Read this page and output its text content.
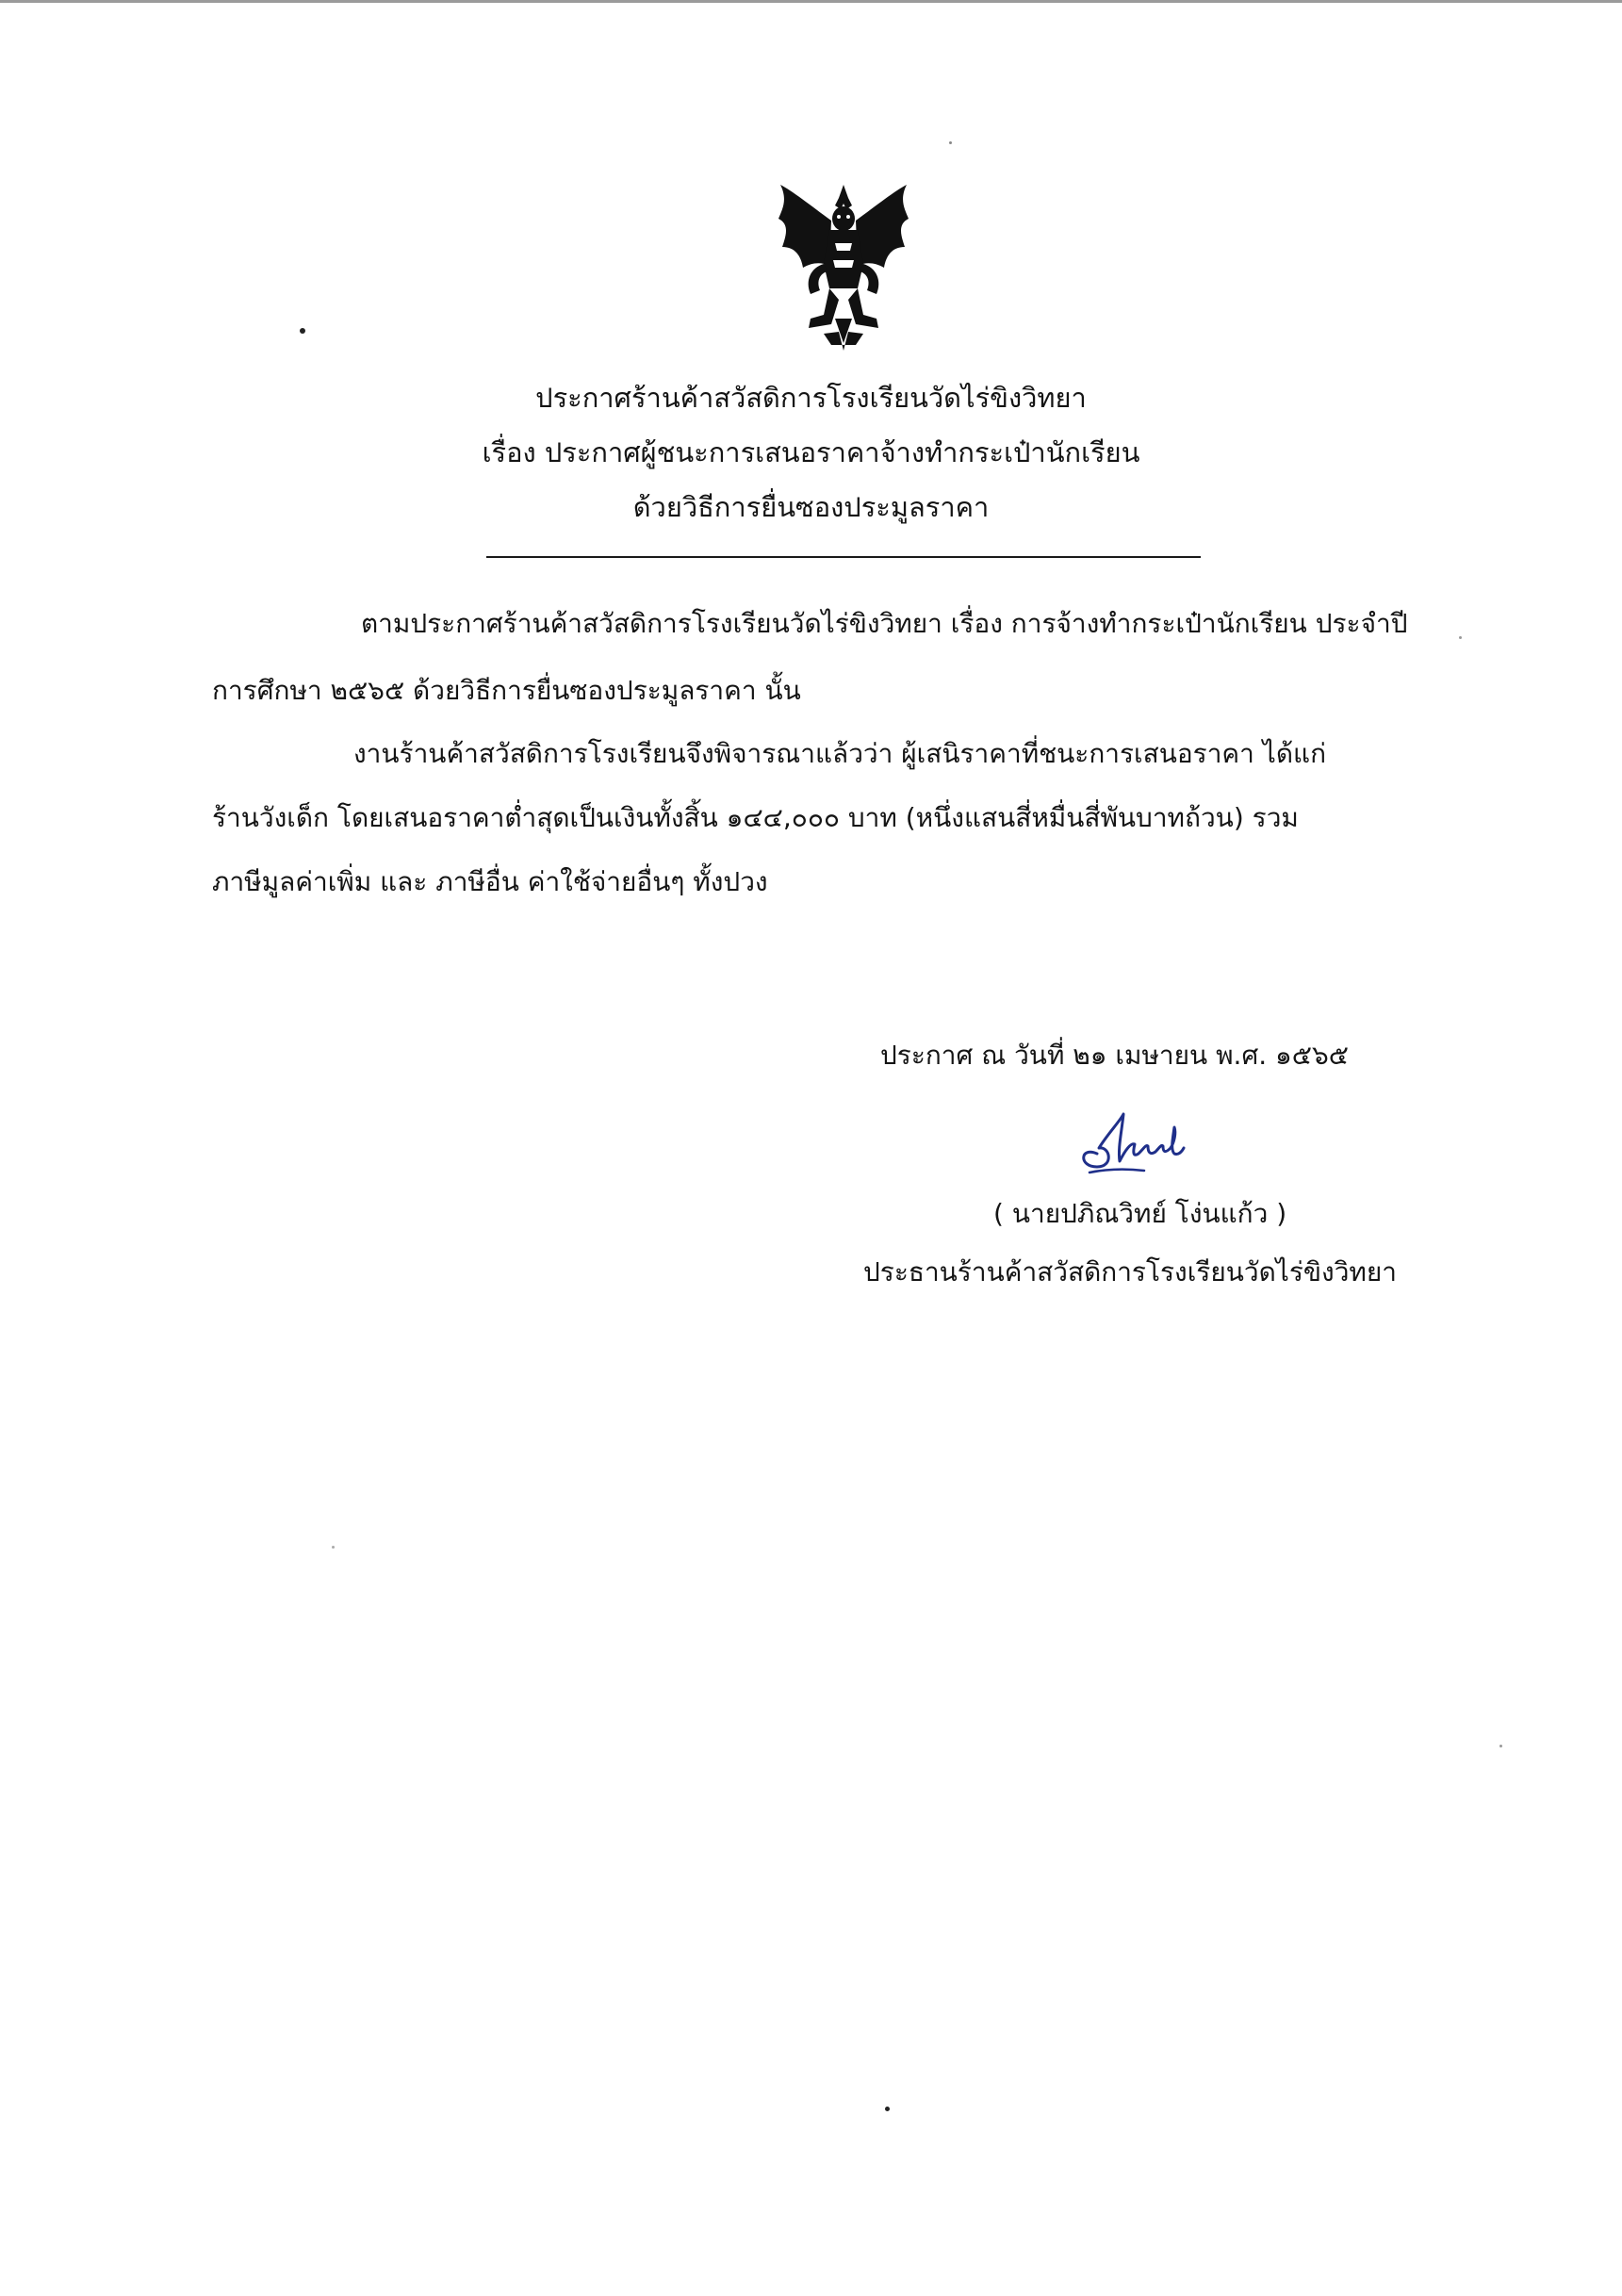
ประกาศร้านค้าสวัสดิการโรงเรียนวัดไร่ขิงวิทยา
เรื่อง ประกาศผู้ชนะการเสนอราคาจ้างทำกระเป๋านักเรียน
ด้วยวิธีการยื่นซองประมูลราคา
ตามประกาศร้านค้าสวัสดิการโรงเรียนวัดไร่ขิงวิทยา เรื่อง การจ้างทำกระเป๋านักเรียน ประจำปี
การศึกษา ๒๕๖๕ ด้วยวิธีการยื่นซองประมูลราคา นั้น
งานร้านค้าสวัสดิการโรงเรียนจึงพิจารณาแล้วว่า ผู้เสนิราคาที่ชนะการเสนอราคา ได้แก่
ร้านวังเด็ก โดยเสนอราคาต่ำสุดเป็นเงินทั้งสิ้น ๑๔๔,๐๐๐ บาท (หนึ่งแสนสี่หมื่นสี่พันบาทถ้วน) รวม
ภาษีมูลค่าเพิ่ม และ ภาษีอื่น ค่าใช้จ่ายอื่นๆ ทั้งปวง
ประกาศ ณ วันที่ ๒๑ เมษายน พ.ศ. ๑๕๖๕
( นายปภิณวิทย์ โง่นแก้ว )
ประธานร้านค้าสวัสดิการโรงเรียนวัดไร่ขิงวิทยา
